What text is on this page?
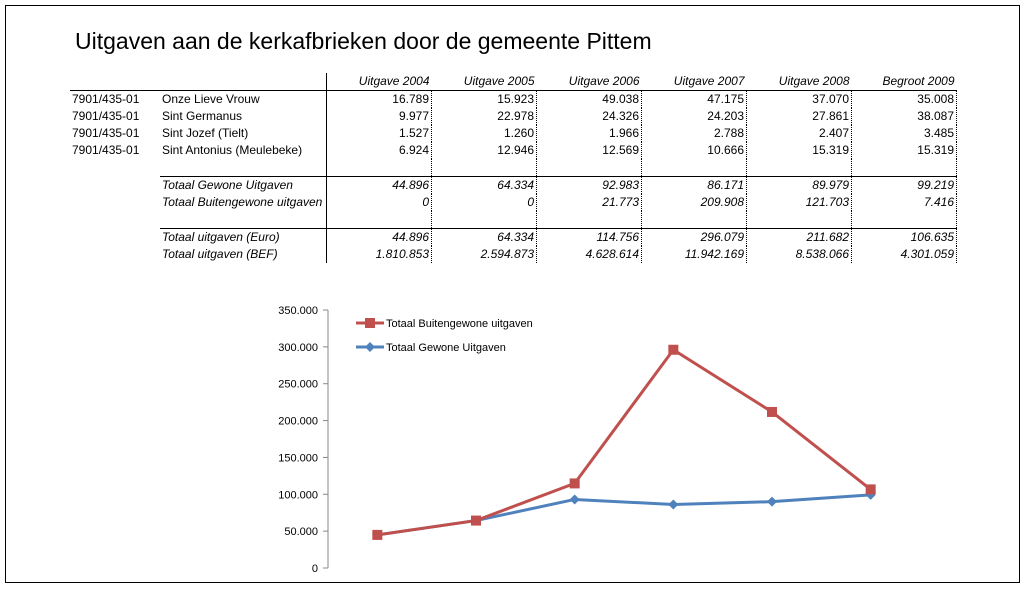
Uitgaven aan de kerkafbrieken door de gemeente Pittem
		Uitgave 2004	Uitgave 2005	Uitgave 2006	Uitgave 2007	Uitgave 2008	Begroot 2009
7901/435-01	Onze Lieve Vrouw	16.789	15.923	49.038	47.175	37.070	35.008
7901/435-01	Sint Germanus	9.977	22.978	24.326	24.203	27.861	38.087
7901/435-01	Sint Jozef (Tielt)	1.527	1.260	1.966	2.788	2.407	3.485
7901/435-01	Sint Antonius (Meulebeke)	6.924	12.946	12.569	10.666	15.319	15.319

	Totaal Gewone Uitgaven	44.896	64.334	92.983	86.171	89.979	99.219
	Totaal Buitengewone uitgaven	0	0	21.773	209.908	121.703	7.416

	Totaal uitgaven (Euro)	44.896	64.334	114.756	296.079	211.682	106.635
	Totaal uitgaven (BEF)	1.810.853	2.594.873	4.628.614	11.942.169	8.538.066	4.301.059
0
50.000
100.000
150.000
200.000
250.000
300.000
350.000
Totaal Buitengewone uitgaven
Totaal Gewone Uitgaven
